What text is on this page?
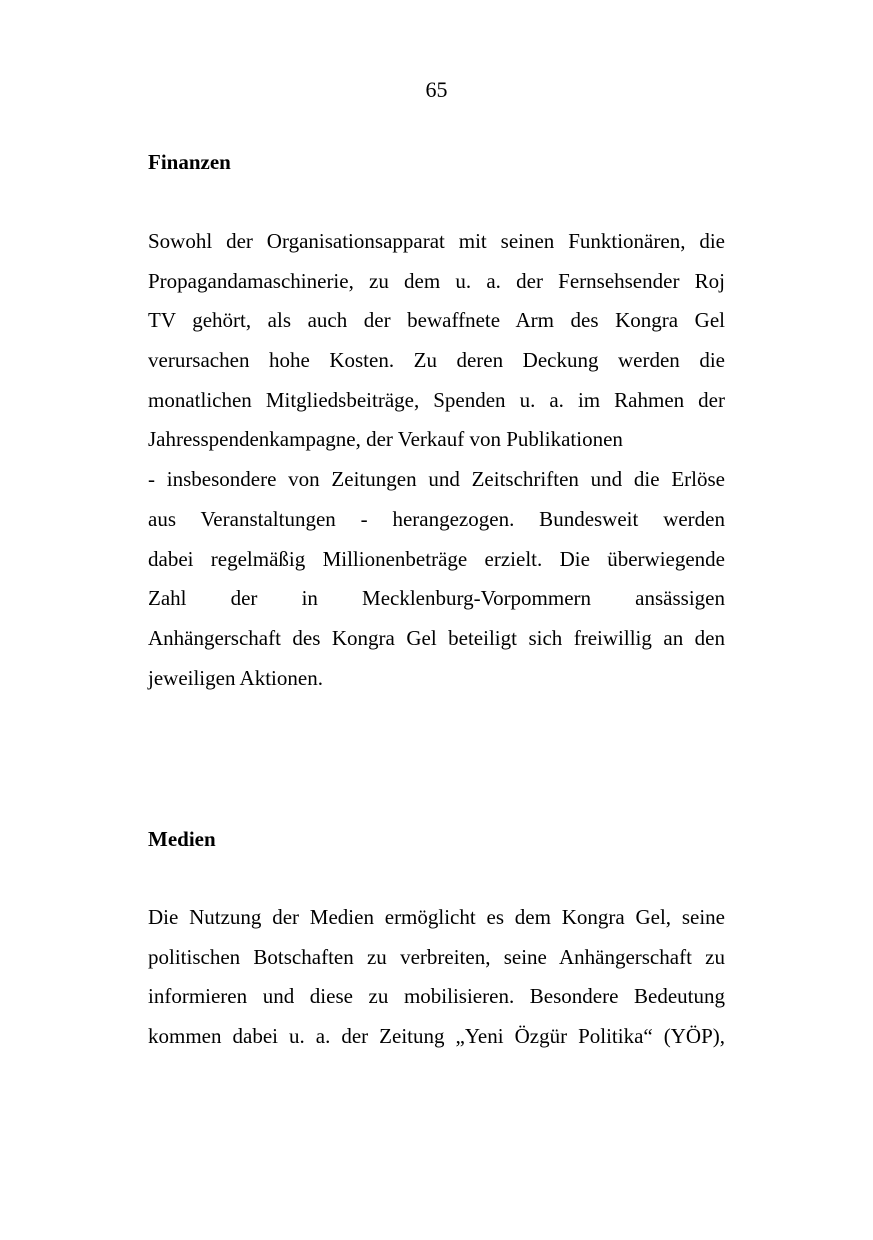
65
Finanzen
Sowohl der Organisationsapparat mit seinen Funktionären, die
Propagandamaschinerie, zu dem u. a. der Fernsehsender Roj
TV gehört, als auch der bewaffnete Arm des Kongra Gel
verursachen hohe Kosten. Zu deren Deckung werden die
monatlichen Mitgliedsbeiträge, Spenden u. a. im Rahmen der
Jahresspendenkampagne, der Verkauf von Publikationen
- insbesondere von Zeitungen und Zeitschriften und die Erlöse
aus Veranstaltungen - herangezogen. Bundesweit werden
dabei regelmäßig Millionenbeträge erzielt. Die überwiegende
Zahl der in Mecklenburg-Vorpommern ansässigen
Anhängerschaft des Kongra Gel beteiligt sich freiwillig an den
jeweiligen Aktionen.
Medien
Die Nutzung der Medien ermöglicht es dem Kongra Gel, seine
politischen Botschaften zu verbreiten, seine Anhängerschaft zu
informieren und diese zu mobilisieren. Besondere Bedeutung
kommen dabei u. a. der Zeitung „Yeni Özgür Politika“ (YÖP),
